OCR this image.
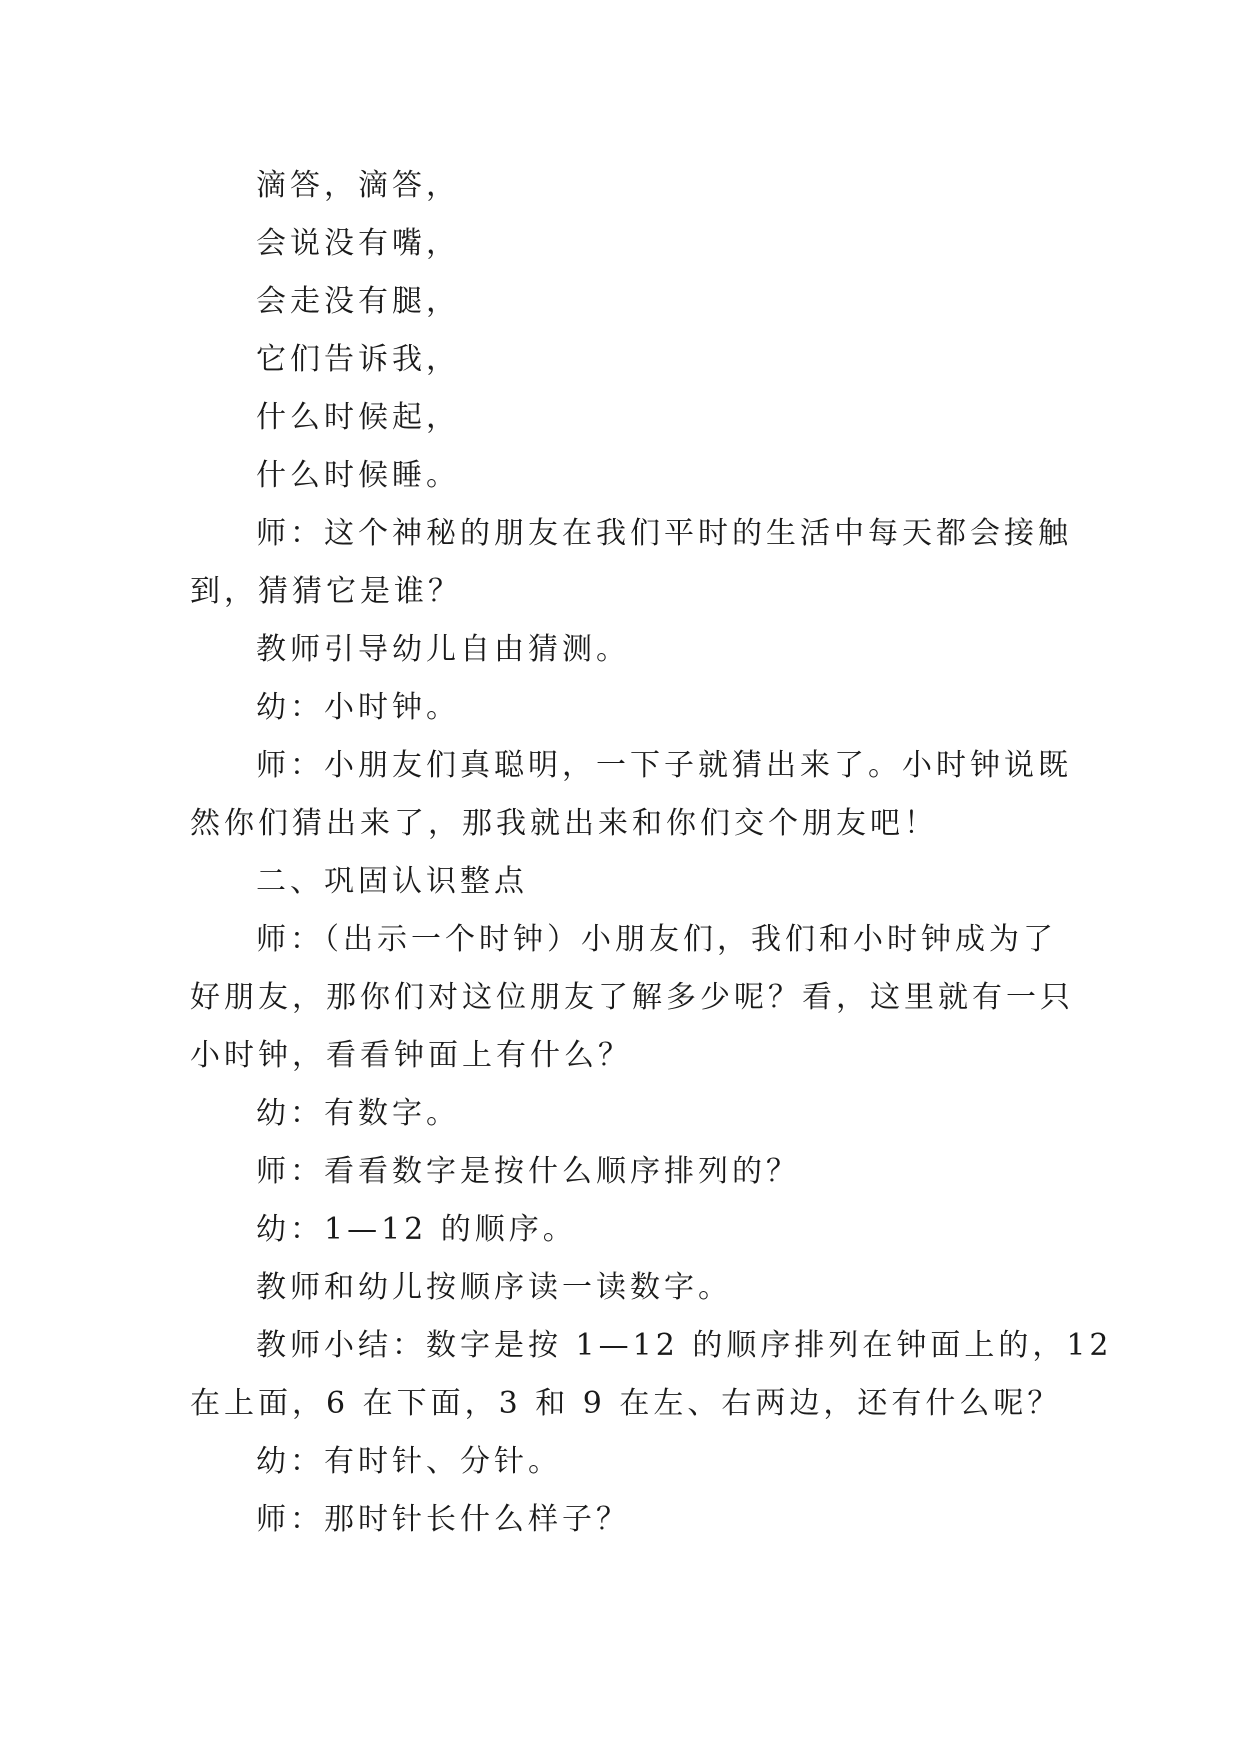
滴答，滴答，
会说没有嘴，
会走没有腿，
它们告诉我，
什么时候起，
什么时候睡。
师：这个神秘的朋友在我们平时的生活中每天都会接触
到，猜猜它是谁？
教师引导幼儿自由猜测。
幼：小时钟。
师：小朋友们真聪明，一下子就猜出来了。小时钟说既
然你们猜出来了，那我就出来和你们交个朋友吧！
二、巩固认识整点
师：（出示一个时钟）小朋友们，我们和小时钟成为了
好朋友，那你们对这位朋友了解多少呢？看，这里就有一只
小时钟，看看钟面上有什么？
幼：有数字。
师：看看数字是按什么顺序排列的？
幼：1—12 的顺序。
教师和幼儿按顺序读一读数字。
教师小结：数字是按 1—12 的顺序排列在钟面上的，12
在上面，6 在下面，3 和 9 在左、右两边，还有什么呢？
幼：有时针、分针。
师：那时针长什么样子？
